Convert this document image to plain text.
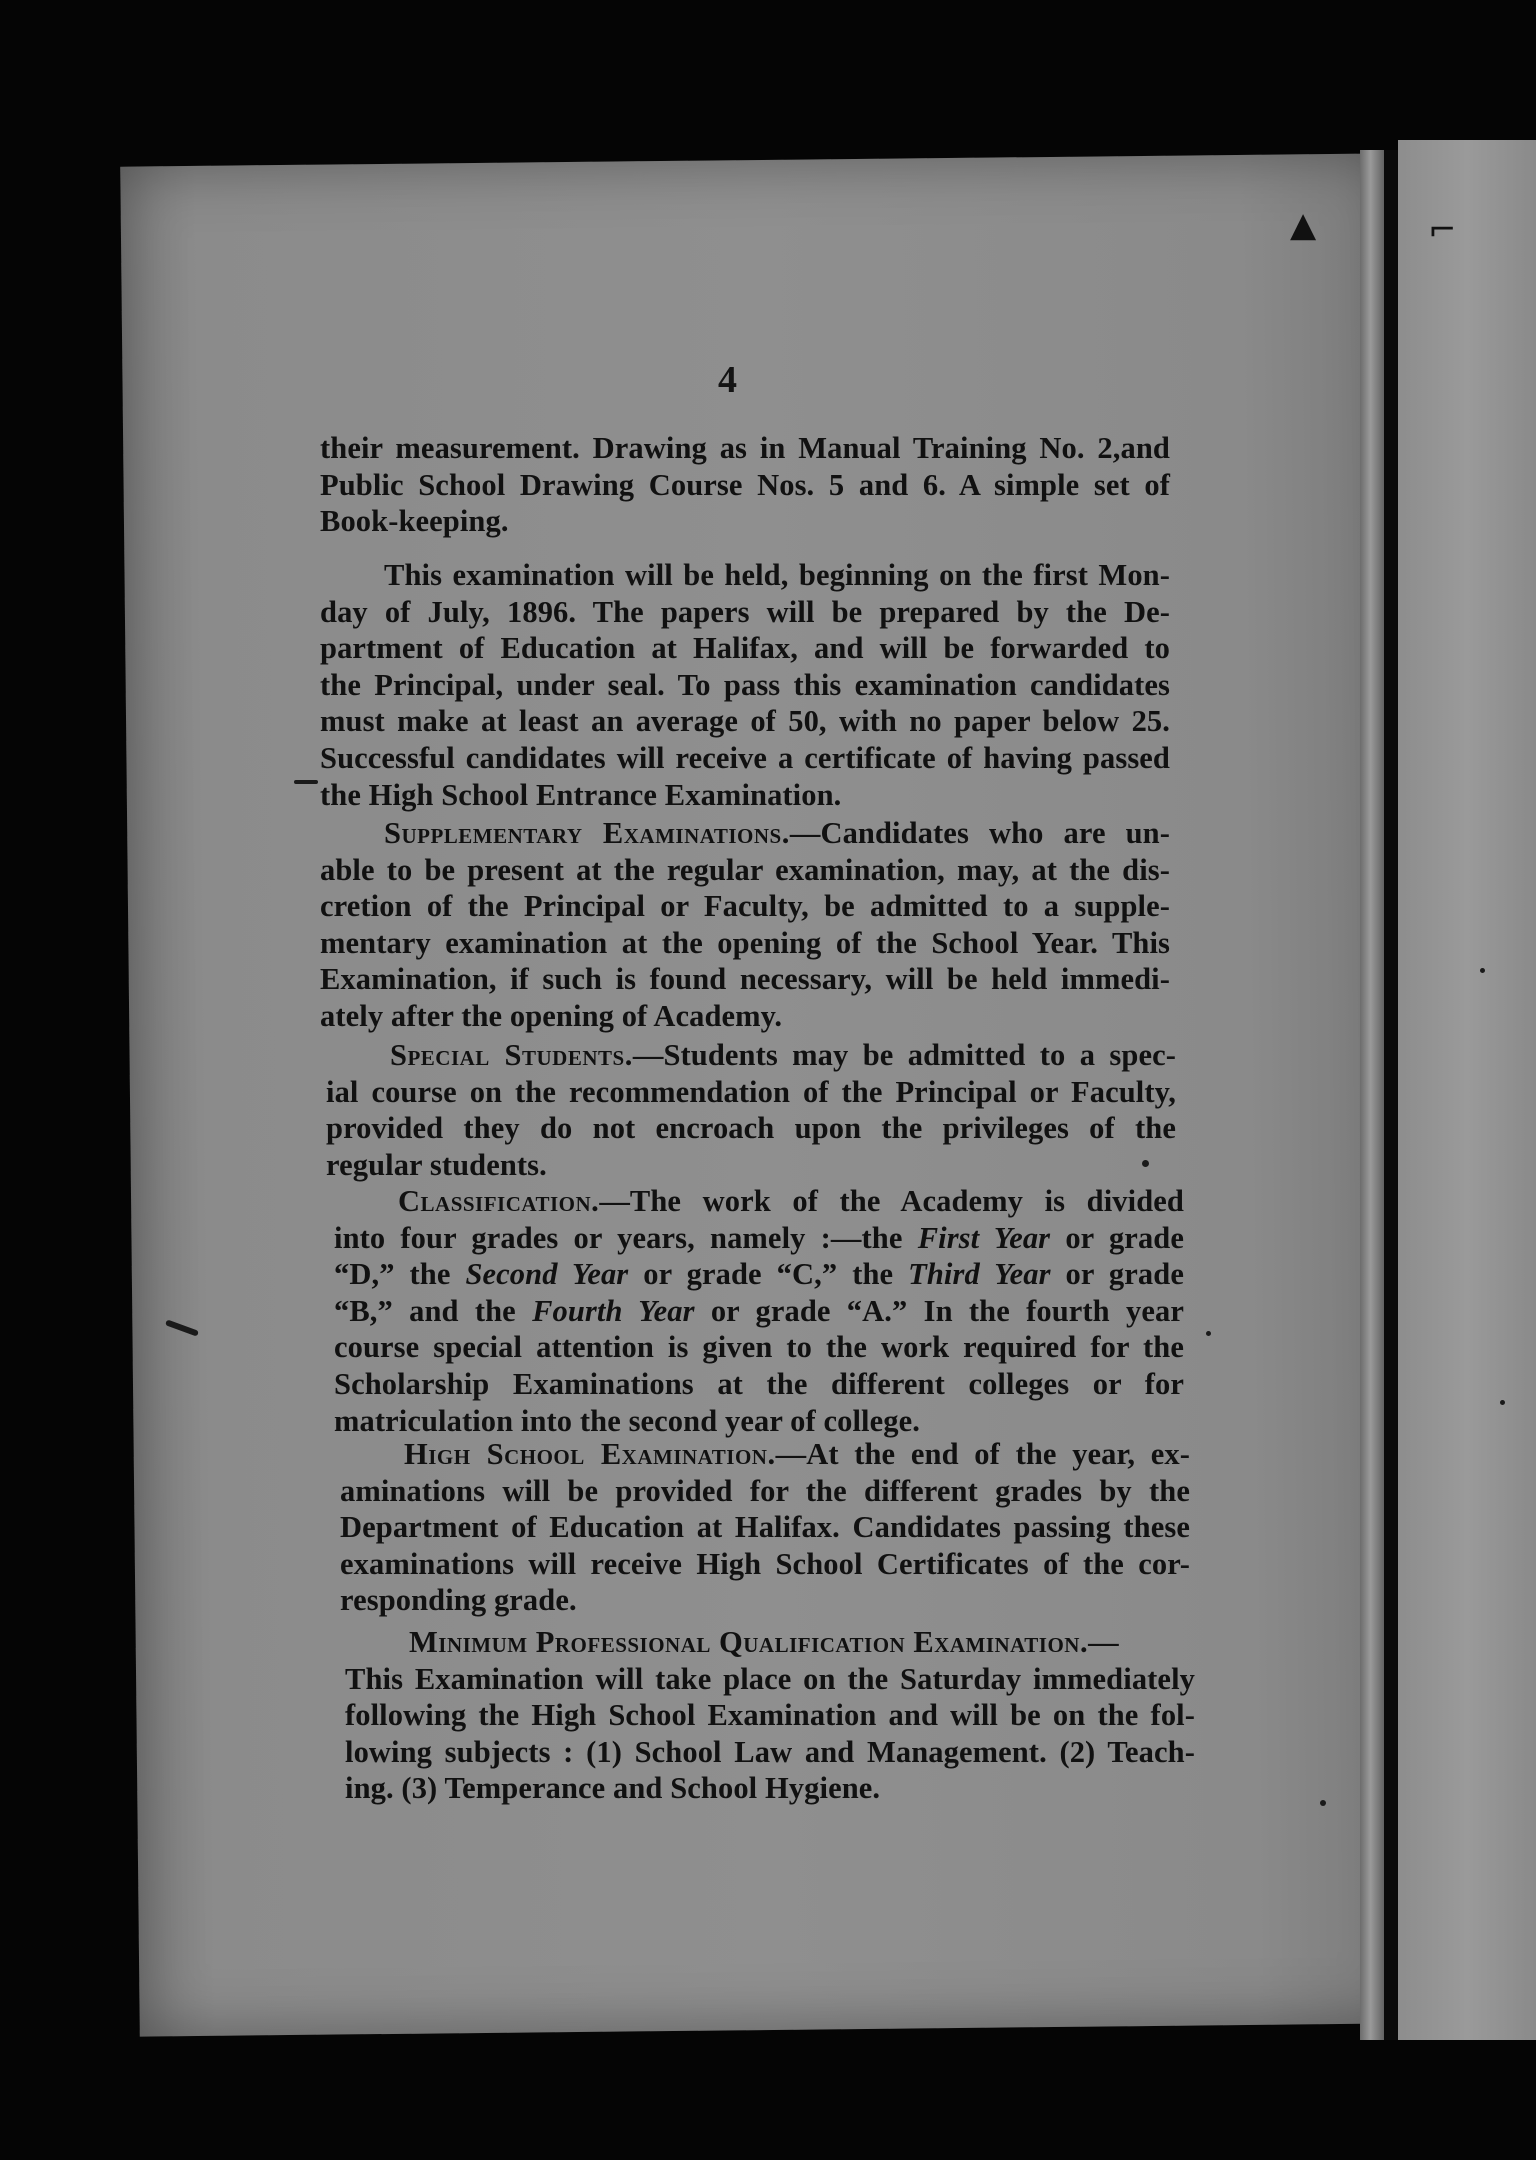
▲	⌐
4
their measurement. Drawing as in Manual Training No. 2,and
Public School Drawing Course Nos. 5 and 6. A simple set of
Book-keeping.
This examination will be held, beginning on the first Mon-
day of July, 1896. The papers will be prepared by the De-
partment of Education at Halifax, and will be forwarded to
the Principal, under seal. To pass this examination candidates
must make at least an average of 50, with no paper below 25.
Successful candidates will receive a certificate of having passed
the High School Entrance Examination.
Supplementary Examinations.—Candidates who are un-
able to be present at the regular examination, may, at the dis-
cretion of the Principal or Faculty, be admitted to a supple-
mentary examination at the opening of the School Year. This
Examination, if such is found necessary, will be held immedi-
ately after the opening of Academy.
Special Students.—Students may be admitted to a spec-
ial course on the recommendation of the Principal or Faculty,
provided they do not encroach upon the privileges of the
regular students.
Classification.—The work of the Academy is divided
into four grades or years, namely :—the First Year or grade
“D,” the Second Year or grade “C,” the Third Year or grade
“B,” and the Fourth Year or grade “A.” In the fourth year
course special attention is given to the work required for the
Scholarship Examinations at the different colleges or for
matriculation into the second year of college.
High School Examination.—At the end of the year, ex-
aminations will be provided for the different grades by the
Department of Education at Halifax. Candidates passing these
examinations will receive High School Certificates of the cor-
responding grade.
Minimum Professional Qualification Examination.—
This Examination will take place on the Saturday immediately
following the High School Examination and will be on the fol-
lowing subjects : (1) School Law and Management. (2) Teach-
ing. (3) Temperance and School Hygiene.
